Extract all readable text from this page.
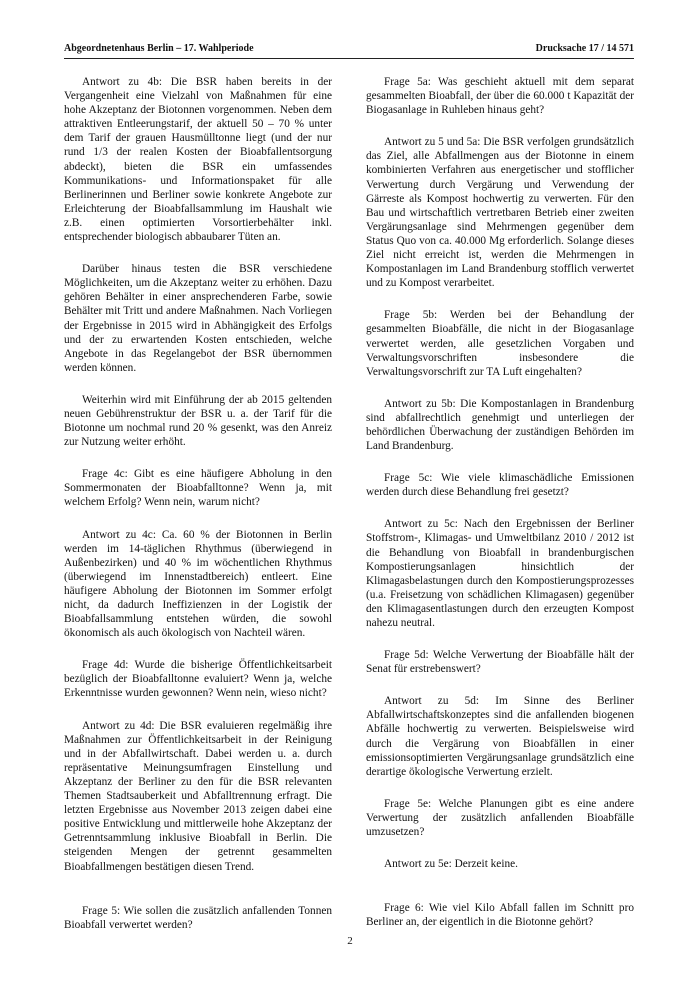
Abgeordnetenhaus Berlin – 17. Wahlperiode	Drucksache 17 / 14 571

Antwort zu 4b: Die BSR haben bereits in der Vergangenheit eine Vielzahl von Maßnahmen für eine hohe Akzeptanz der Biotonnen vorgenommen. Neben dem attraktiven Entleerungstarif, der aktuell 50 – 70 % unter dem Tarif der grauen Hausmülltonne liegt (und der nur rund 1/3 der realen Kosten der Bioabfallentsorgung abdeckt), bieten die BSR ein umfassendes Kommunikations- und Informationspaket für alle Berlinerinnen und Berliner sowie konkrete Angebote zur Erleichterung der Bioabfallsammlung im Haushalt wie z.B. einen optimierten Vorsortierbehälter inkl. entsprechender biologisch abbaubarer Tüten an.

Darüber hinaus testen die BSR verschiedene Möglichkeiten, um die Akzeptanz weiter zu erhöhen. Dazu gehören Behälter in einer ansprechenderen Farbe, sowie Behälter mit Tritt und andere Maßnahmen. Nach Vorliegen der Ergebnisse in 2015 wird in Abhängigkeit des Erfolgs und der zu erwartenden Kosten entschieden, welche Angebote in das Regelangebot der BSR übernommen werden können.

Weiterhin wird mit Einführung der ab 2015 geltenden neuen Gebührenstruktur der BSR u. a. der Tarif für die Biotonne um nochmal rund 20 % gesenkt, was den Anreiz zur Nutzung weiter erhöht.

Frage 4c: Gibt es eine häufigere Abholung in den Sommermonaten der Bioabfalltonne? Wenn ja, mit welchem Erfolg? Wenn nein, warum nicht?

Antwort zu 4c: Ca. 60 % der Biotonnen in Berlin werden im 14-täglichen Rhythmus (überwiegend in Außenbezirken) und 40 % im wöchentlichen Rhythmus (überwiegend im Innenstadtbereich) entleert. Eine häufigere Abholung der Biotonnen im Sommer erfolgt nicht, da dadurch Ineffizienzen in der Logistik der Bioabfallsammlung entstehen würden, die sowohl ökonomisch als auch ökologisch von Nachteil wären.

Frage 4d: Wurde die bisherige Öffentlichkeitsarbeit bezüglich der Bioabfalltonne evaluiert? Wenn ja, welche Erkenntnisse wurden gewonnen? Wenn nein, wieso nicht?

Antwort zu 4d: Die BSR evaluieren regelmäßig ihre Maßnahmen zur Öffentlichkeitsarbeit in der Reinigung und in der Abfallwirtschaft. Dabei werden u. a. durch repräsentative Meinungsumfragen Einstellung und Akzeptanz der Berliner zu den für die BSR relevanten Themen Stadtsauberkeit und Abfalltrennung erfragt. Die letzten Ergebnisse aus November 2013 zeigen dabei eine positive Entwicklung und mittlerweile hohe Akzeptanz der Getrenntsammlung inklusive Bioabfall in Berlin. Die steigenden Mengen der getrennt gesammelten Bioabfallmengen bestätigen diesen Trend.

Frage 5: Wie sollen die zusätzlich anfallenden Tonnen Bioabfall verwertet werden?

Frage 5a: Was geschieht aktuell mit dem separat gesammelten Bioabfall, der über die 60.000 t Kapazität der Biogasanlage in Ruhleben hinaus geht?

Antwort zu 5 und 5a: Die BSR verfolgen grundsätzlich das Ziel, alle Abfallmengen aus der Biotonne in einem kombinierten Verfahren aus energetischer und stofflicher Verwertung durch Vergärung und Verwendung der Gärreste als Kompost hochwertig zu verwerten. Für den Bau und wirtschaftlich vertretbaren Betrieb einer zweiten Vergärungsanlage sind Mehrmengen gegenüber dem Status Quo von ca. 40.000 Mg erforderlich. Solange dieses Ziel nicht erreicht ist, werden die Mehrmengen in Kompostanlagen im Land Brandenburg stofflich verwertet und zu Kompost verarbeitet.

Frage 5b: Werden bei der Behandlung der gesammelten Bioabfälle, die nicht in der Biogasanlage verwertet werden, alle gesetzlichen Vorgaben und Verwaltungsvorschriften insbesondere die Verwaltungsvorschrift zur TA Luft eingehalten?

Antwort zu 5b: Die Kompostanlagen in Brandenburg sind abfallrechtlich genehmigt und unterliegen der behördlichen Überwachung der zuständigen Behörden im Land Brandenburg.

Frage 5c: Wie viele klimaschädliche Emissionen werden durch diese Behandlung frei gesetzt?

Antwort zu 5c: Nach den Ergebnissen der Berliner Stoffstrom-, Klimagas- und Umweltbilanz 2010 / 2012 ist die Behandlung von Bioabfall in brandenburgischen Kompostierungsanlagen hinsichtlich der Klimagasbelastungen durch den Kompostierungsprozesses (u.a. Freisetzung von schädlichen Klimagasen) gegenüber den Klimagasentlastungen durch den erzeugten Kompost nahezu neutral.

Frage 5d: Welche Verwertung der Bioabfälle hält der Senat für erstrebenswert?

Antwort zu 5d: Im Sinne des Berliner Abfallwirtschaftskonzeptes sind die anfallenden biogenen Abfälle hochwertig zu verwerten. Beispielsweise wird durch die Vergärung von Bioabfällen in einer emissionsoptimierten Vergärungsanlage grundsätzlich eine derartige ökologische Verwertung erzielt.

Frage 5e: Welche Planungen gibt es eine andere Verwertung der zusätzlich anfallenden Bioabfälle umzusetzen?

Antwort zu 5e: Derzeit keine.

Frage 6: Wie viel Kilo Abfall fallen im Schnitt pro Berliner an, der eigentlich in die Biotonne gehört?

2
